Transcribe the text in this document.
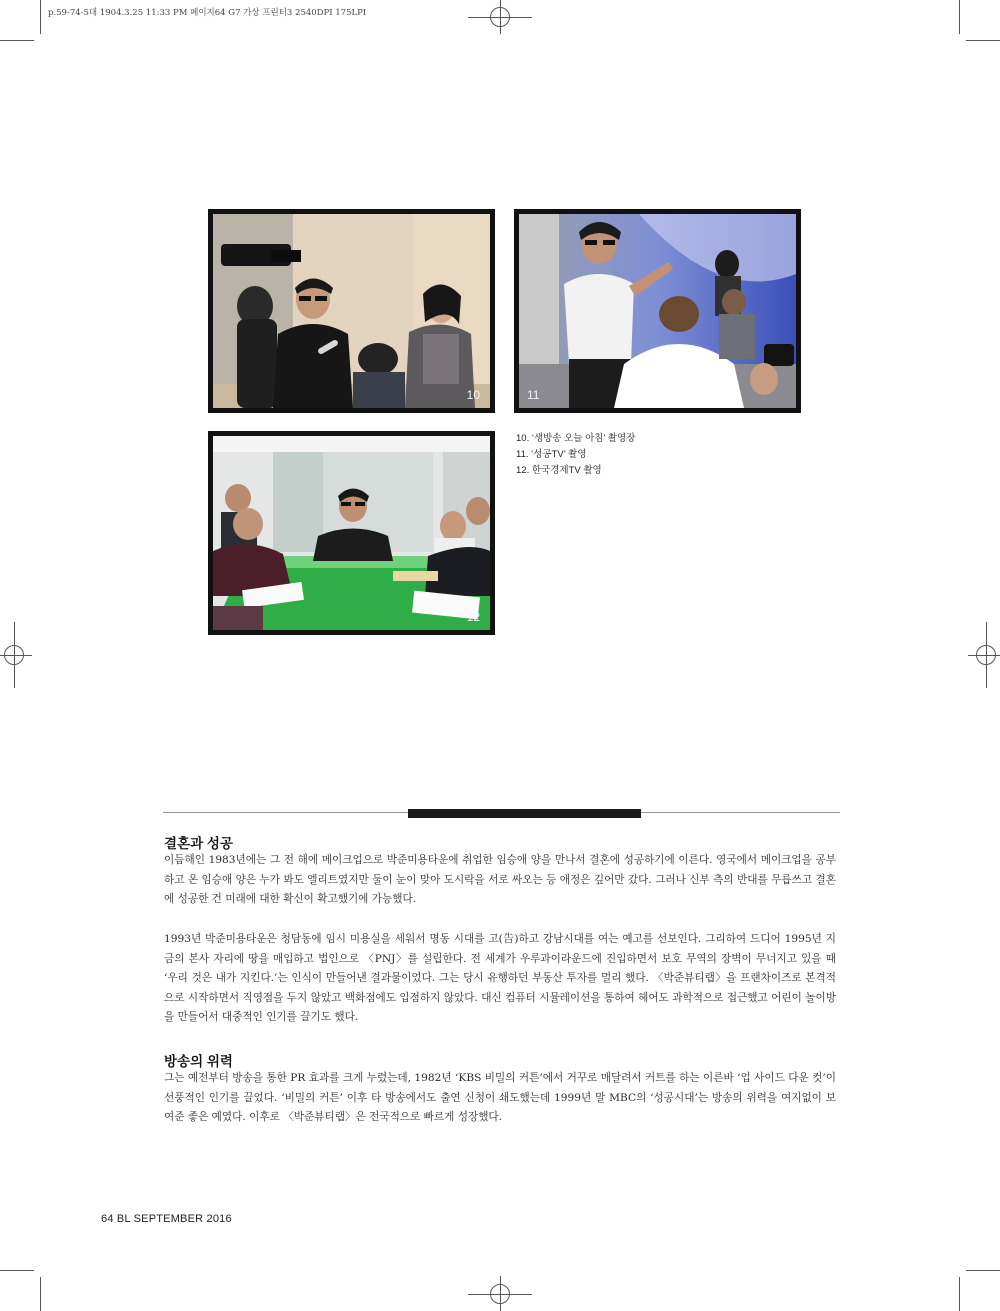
p.59-74-5대 1904.3.25 11:33 PM 페이지64 G7 가상 프린터3 2540DPI 175LPI
10	11
12
10. ‘생방송 오늘 아침’ 촬영장
11. ‘성공TV’ 촬영
12. 한국경제TV 촬영
결혼과 성공
이듬해인 1983년에는 그 전 해에 메이크업으로 박준미용타운에 취업한 임승애 양을 만나서 결혼에 성공하기에 이른다. 영국에서 메이크업을 공부하고 온 임승애 양은 누가 봐도 엘리트였지만 둘이 눈이 맞아 도시락을 서로 싸오는 등 애정은 깊어만 갔다. 그러나 신부 측의 반대를 무릅쓰고 결혼에 성공한 건 미래에 대한 확신이 확고했기에 가능했다.
1993년 박준미용타운은 청담동에 임시 미용실을 세워서 명동 시대를 고(告)하고 강남시대를 여는 예고를 선보인다. 그리하여 드디어 1995년 지금의 본사 자리에 땅을 매입하고 법인으로 〈PNJ〉를 설립한다. 전 세계가 우루과이라운드에 진입하면서 보호 무역의 장벽이 무너지고 있을 때 ‘우리 것은 내가 지킨다.’는 인식이 만들어낸 결과물이었다. 그는 당시 유행하던 부동산 투자를 멀리 했다. 〈박준뷰티랩〉을 프랜차이즈로 본격적으로 시작하면서 직영점을 두지 않았고 백화점에도 입점하지 않았다. 대신 컴퓨터 시뮬레이션을 통하여 헤어도 과학적으로 접근했고 어린이 놀이방을 만들어서 대중적인 인기를 끌기도 했다.
방송의 위력
그는 예전부터 방송을 통한 PR 효과를 크게 누렸는데, 1982년 ‘KBS 비밀의 커튼’에서 거꾸로 매달려서 커트를 하는 이른바 ‘업 사이드 다운 컷’이 선풍적인 인기를 끌었다. ‘비밀의 커튼’ 이후 타 방송에서도 출연 신청이 쇄도했는데 1999년 말 MBC의 ‘성공시대’는 방송의 위력을 여지없이 보여준 좋은 예였다. 이후로 〈박준뷰티랩〉은 전국적으로 빠르게 성장했다.
64 BL SEPTEMBER 2016
